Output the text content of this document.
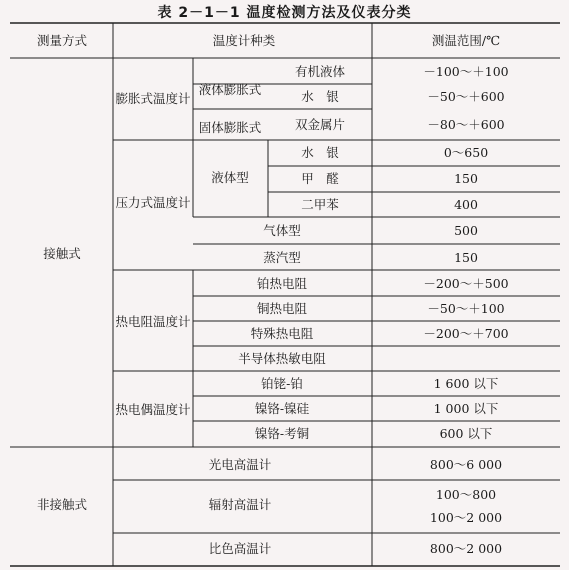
表 2－1－1 温度检测方法及仪表分类
测量方式	温度计种类	测温范围/℃
接触式
非接触式
膨胀式温度计
液体膨胀式
固体膨胀式
压力式温度计
液体型
热电阻温度计
热电偶温度计
有机液体
水　银
双金属片
水　银
甲　醛
二甲苯
气体型
蒸汽型
铂热电阻
铜热电阻
特殊热电阻
半导体热敏电阻
铂铑-铂
镍铬-镍硅
镍铬-考铜
光电高温计
辐射高温计
比色高温计
－100～＋100
－50～＋600
－80～＋600
0～650
150
400
500
150
－200～＋500
－50～＋100
－200～＋700
1 600 以下
1 000 以下
600 以下
800～6 000
100～800
100～2 000
800～2 000
